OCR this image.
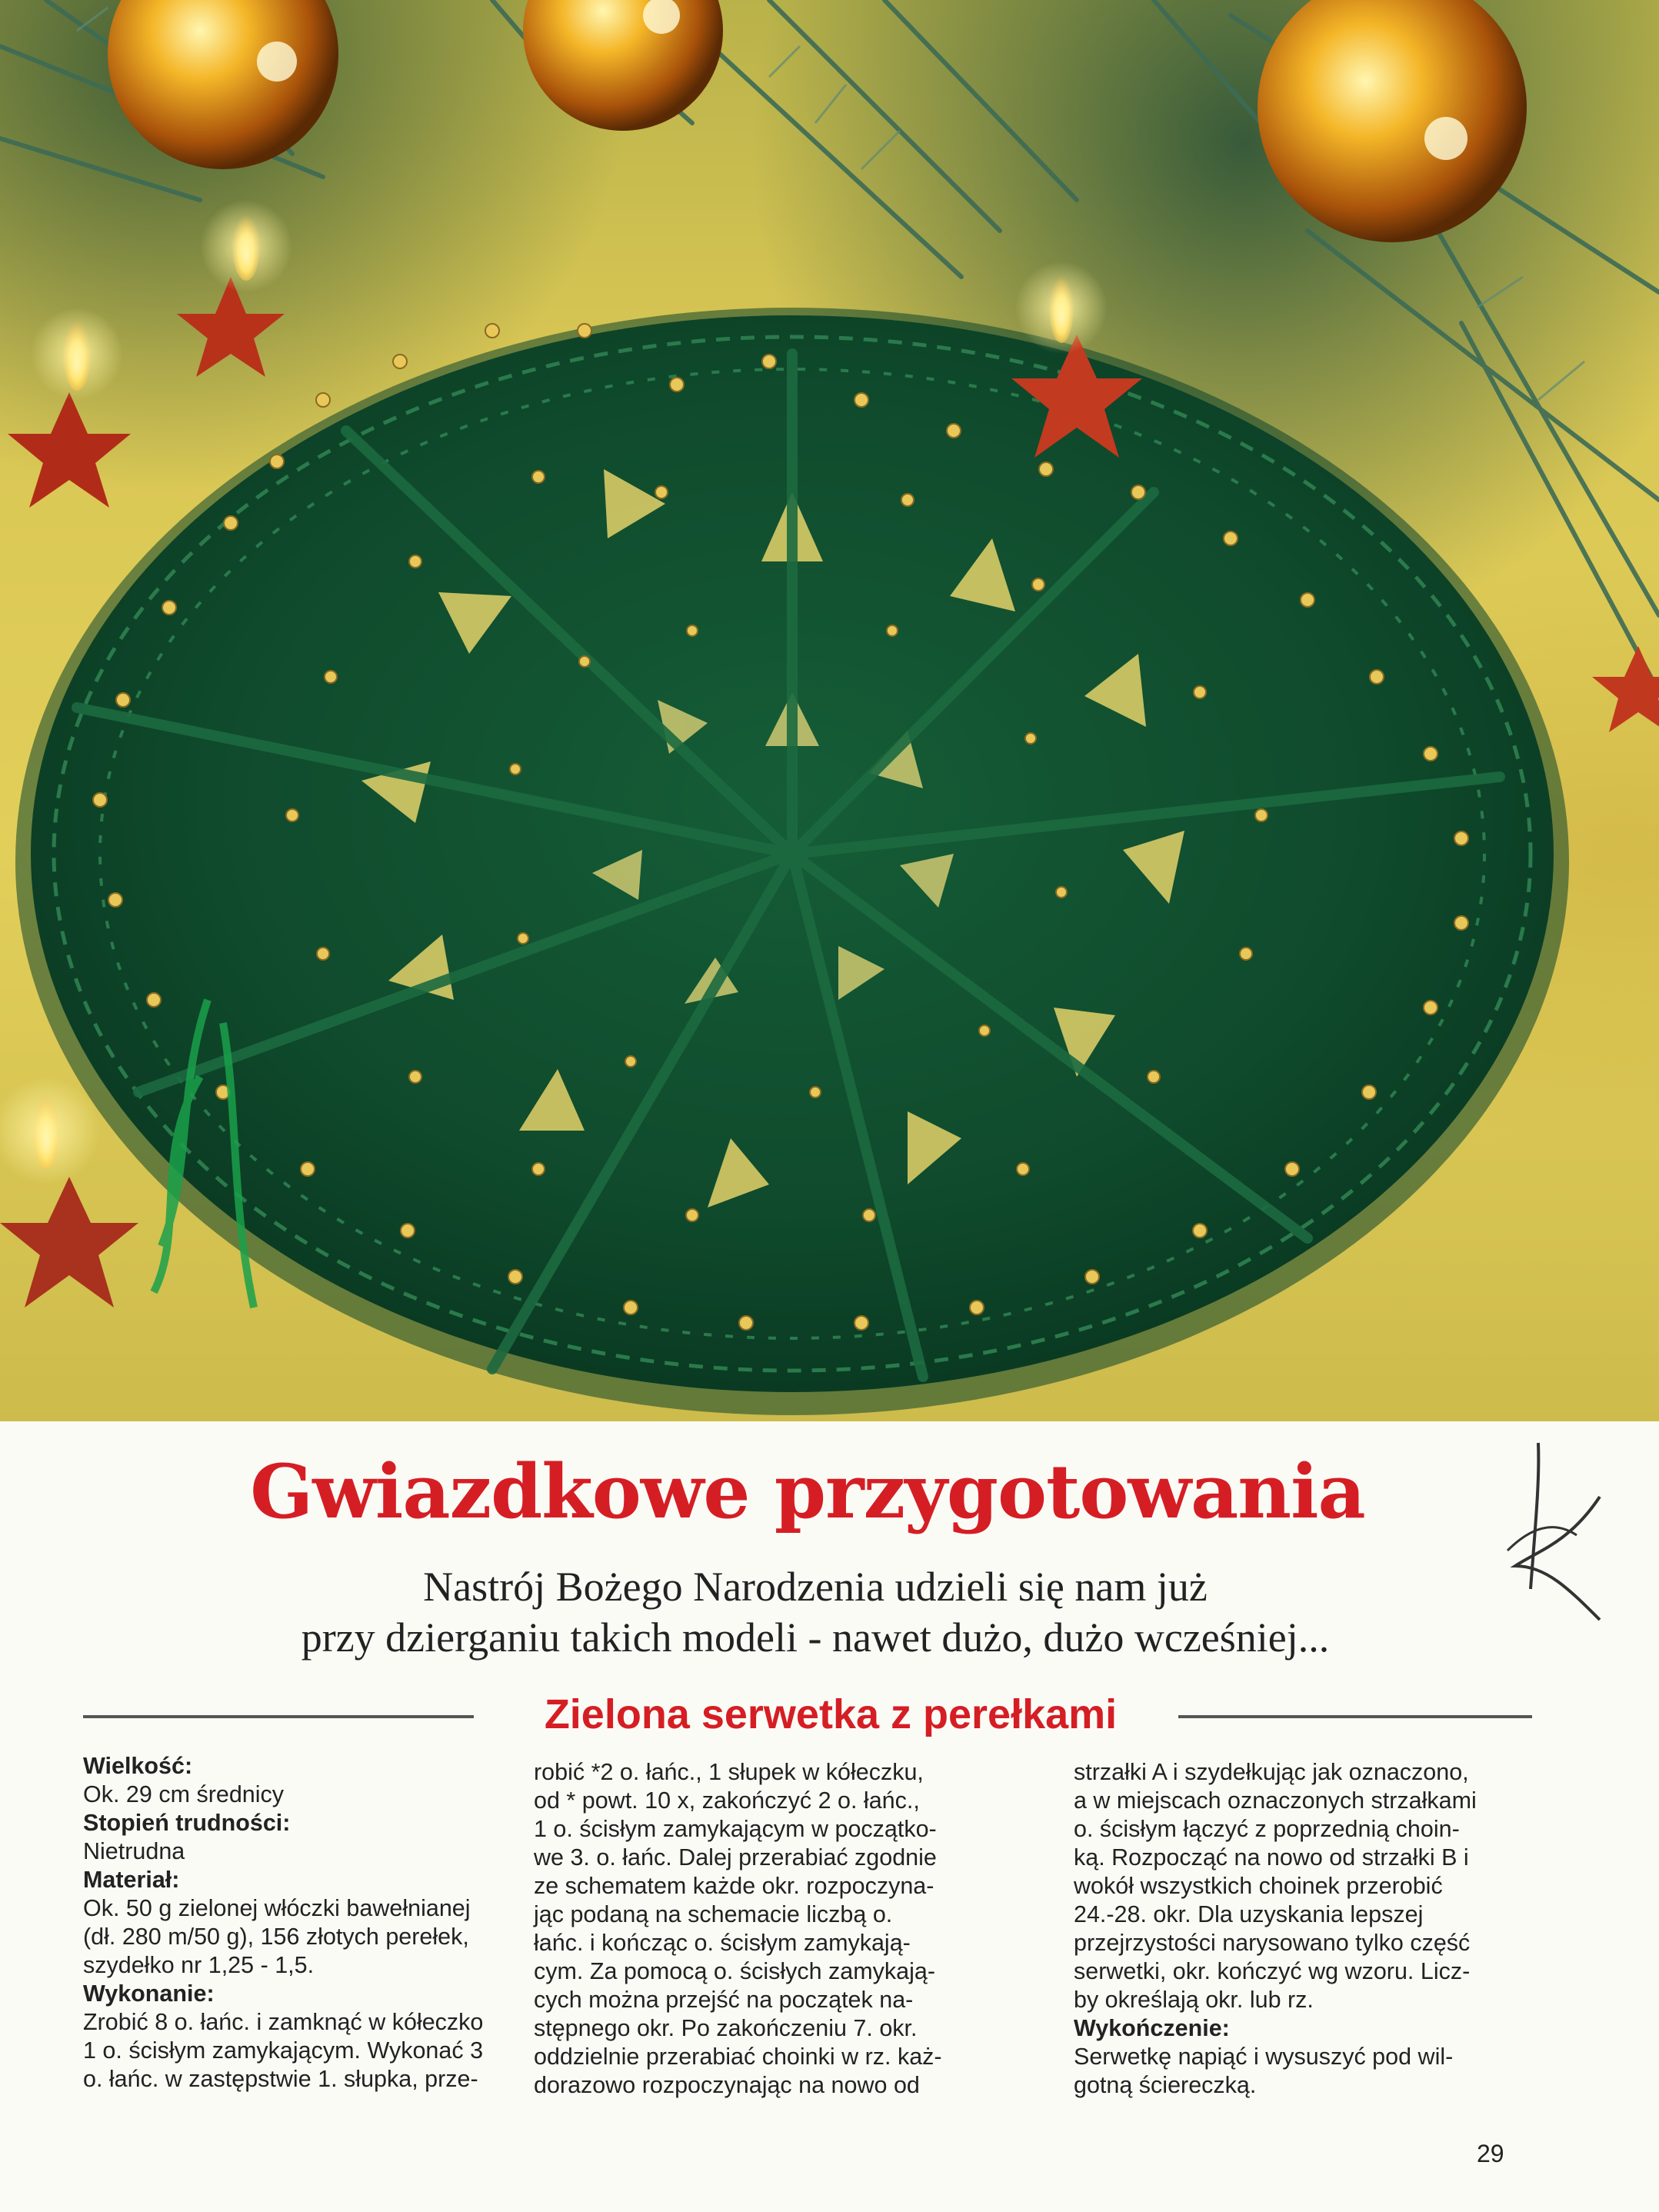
Gwiazdkowe przygotowania
Nastrój Bożego Narodzenia udzieli się nam już
przy dzierganiu takich modeli - nawet dużo, dużo wcześniej...
Zielona serwetka z perełkami

Wielkość:

Ok. 29 cm średnicy

Stopień trudności:

Nietrudna

Materiał:

Ok. 50 g zielonej włóczki bawełnianej

(dł. 280 m/50 g), 156 złotych perełek,

szydełko nr 1,25 - 1,5.

Wykonanie:

Zrobić 8 o. łańc. i zamknąć w kółeczko

1 o. ścisłym zamykającym. Wykonać 3

o. łańc. w zastępstwie 1. słupka, prze-

robić *2 o. łańc., 1 słupek w kółeczku,

od * powt. 10 x, zakończyć 2 o. łańc.,

1 o. ścisłym zamykającym w początko-

we 3. o. łańc. Dalej przerabiać zgodnie

ze schematem każde okr. rozpoczyna-

jąc podaną na schemacie liczbą o.

łańc. i kończąc o. ścisłym zamykają-

cym. Za pomocą o. ścisłych zamykają-

cych można przejść na początek na-

stępnego okr. Po zakończeniu 7. okr.

oddzielnie przerabiać choinki w rz. każ-

dorazowo rozpoczynając na nowo od

strzałki A i szydełkując jak oznaczono,

a w miejscach oznaczonych strzałkami

o. ścisłym łączyć z poprzednią choin-

ką. Rozpocząć na nowo od strzałki B i

wokół wszystkich choinek przerobić

24.-28. okr. Dla uzyskania lepszej

przejrzystości narysowano tylko część

serwetki, okr. kończyć wg wzoru. Licz-

by określają okr. lub rz.

Wykończenie:

Serwetkę napiąć i wysuszyć pod wil-

gotną ściereczką.

29
